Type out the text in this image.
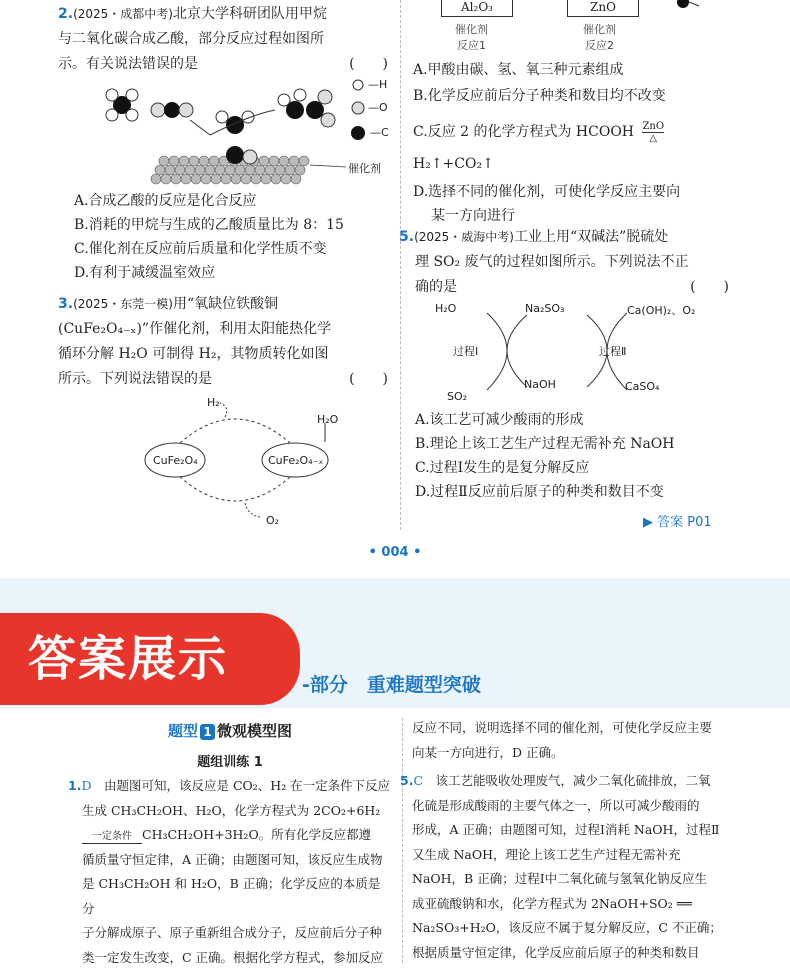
2.(2025・成都中考)北京大学科研团队用甲烷
与二氧化碳合成乙酸，部分反应过程如图所
示。有关说法错误的是	(　　)
—H
—O
—C
催化剂
A.合成乙酸的反应是化合反应
B.消耗的甲烷与生成的乙酸质量比为 8：15
C.催化剂在反应前后质量和化学性质不变
D.有利于减缓温室效应
3.(2025・东莞一模)用“氧缺位铁酸铜
(CuFe₂O₄₋ₓ)”作催化剂，利用太阳能热化学
循环分解 H₂O 可制得 H₂，其物质转化如图
所示。下列说法错误的是	(　　)
H₂
H₂O
CuFe₂O₄	CuFe₂O₄₋ₓ
O₂
Al₂O₃	ZnO
催化剂
反应1
催化剂
反应2
A.甲酸由碳、氢、氧三种元素组成
B.化学反应前后分子种类和数目均不改变
C.反应 2 的化学方程式为 HCOOH ZnO

△
H₂↑+CO₂↑
D.选择不同的催化剂，可使化学反应主要向
某一方向进行
5.(2025・威海中考)工业上用“双碱法”脱硫处
理 SO₂ 废气的过程如图所示。下列说法不正
确的是	(　　)
H₂O	Na₂SO₃	Ca(OH)₂、O₂
过程Ⅰ	过程Ⅱ
SO₂
NaOH	CaSO₄
A.该工艺可减少酸雨的形成
B.理论上该工艺生产过程无需补充 NaOH
C.过程Ⅰ发生的是复分解反应
D.过程Ⅱ反应前后原子的种类和数目不变
▶ 答案 P01
• 004 •
答案展示	-部分　重难题型突破
题型 1 微观模型图
题组训练 1
1.D　 由题图可知，该反应是 CO₂、H₂ 在一定条件下反应
生成 CH₃CH₂OH、H₂O，化学方程式为 2CO₂+6H₂
一定条件 CH₃CH₂OH+3H₂O。所有化学反应都遵
循质量守恒定律，A 正确；由题图可知，该反应生成物
是 CH₃CH₂OH 和 H₂O，B 正确；化学反应的本质是分
子分解成原子、原子重新组合成分子，反应前后分子种
类一定发生改变，C 正确。根据化学方程式，参加反应
反应不同，说明选择不同的催化剂，可使化学反应主要
向某一方向进行，D 正确。
5.C　 该工艺能吸收处理废气，减少二氧化硫排放，二氧
化硫是形成酸雨的主要气体之一，所以可减少酸雨的
形成，A 正确；由题图可知，过程Ⅰ消耗 NaOH，过程Ⅱ
又生成 NaOH，理论上该工艺生产过程无需补充
NaOH，B 正确；过程Ⅰ中二氧化硫与氢氧化钠反应生
成亚硫酸钠和水，化学方程式为 2NaOH+SO₂ ══
Na₂SO₃+H₂O，该反应不属于复分解反应，C 不正确；
根据质量守恒定律，化学反应前后原子的种类和数目
